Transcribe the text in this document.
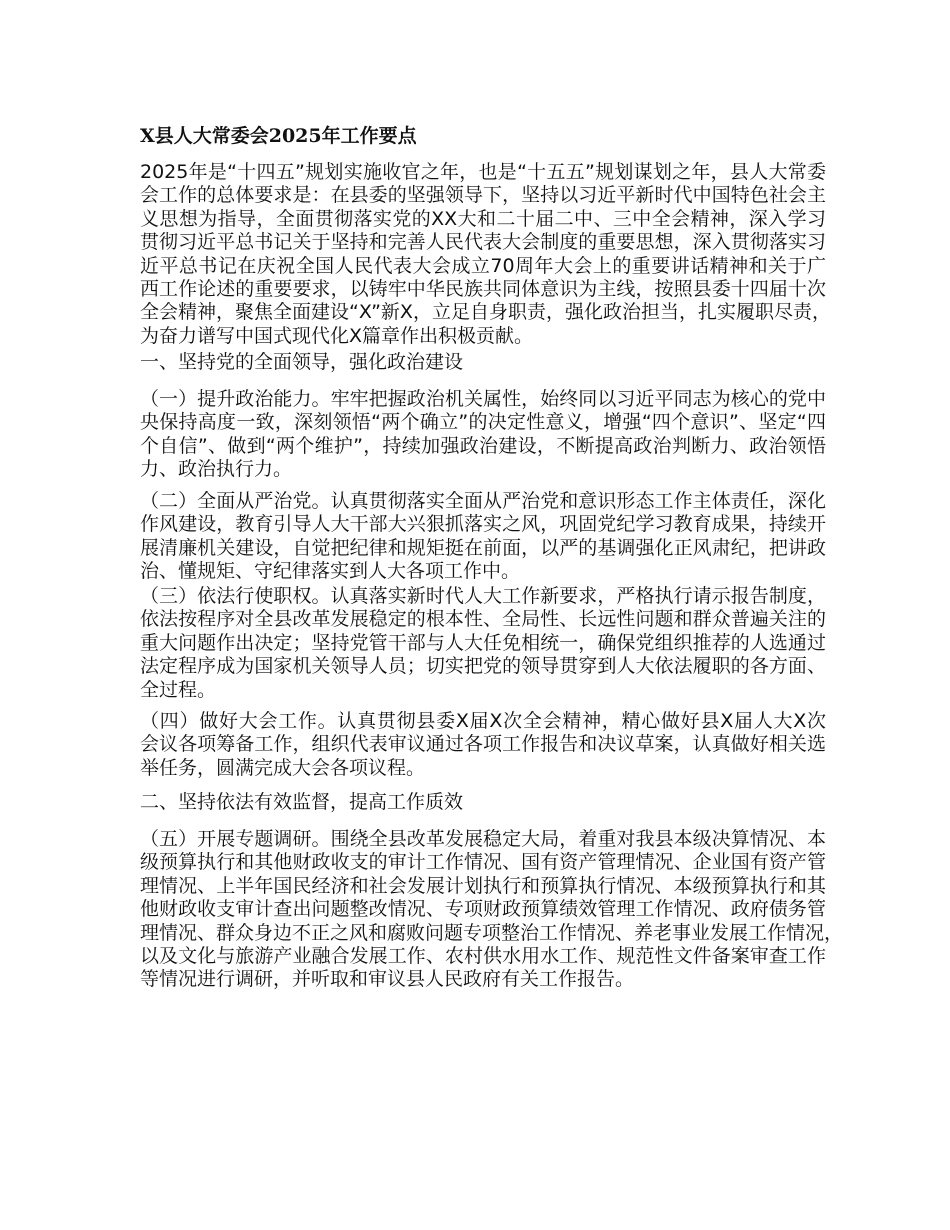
X县人大常委会2025年工作要点
2025年是“十四五”规划实施收官之年，也是“十五五”规划谋划之年，县人大常委
会工作的总体要求是：在县委的坚强领导下，坚持以习近平新时代中国特色社会主
义思想为指导，全面贯彻落实党的XX大和二十届二中、三中全会精神，深入学习
贯彻习近平总书记关于坚持和完善人民代表大会制度的重要思想，深入贯彻落实习
近平总书记在庆祝全国人民代表大会成立70周年大会上的重要讲话精神和关于广
西工作论述的重要要求，以铸牢中华民族共同体意识为主线，按照县委十四届十次
全会精神，聚焦全面建设“X”新X，立足自身职责，强化政治担当，扎实履职尽责，
为奋力谱写中国式现代化X篇章作出积极贡献。
一、坚持党的全面领导，强化政治建设
（一）提升政治能力。牢牢把握政治机关属性，始终同以习近平同志为核心的党中
央保持高度一致，深刻领悟“两个确立”的决定性意义，增强“四个意识”、坚定“四
个自信”、做到“两个维护”，持续加强政治建设，不断提高政治判断力、政治领悟
力、政治执行力。
（二）全面从严治党。认真贯彻落实全面从严治党和意识形态工作主体责任，深化
作风建设，教育引导人大干部大兴狠抓落实之风，巩固党纪学习教育成果，持续开
展清廉机关建设，自觉把纪律和规矩挺在前面，以严的基调强化正风肃纪，把讲政
治、懂规矩、守纪律落实到人大各项工作中。
（三）依法行使职权。认真落实新时代人大工作新要求，严格执行请示报告制度，
依法按程序对全县改革发展稳定的根本性、全局性、长远性问题和群众普遍关注的
重大问题作出决定；坚持党管干部与人大任免相统一，确保党组织推荐的人选通过
法定程序成为国家机关领导人员；切实把党的领导贯穿到人大依法履职的各方面、
全过程。
（四）做好大会工作。认真贯彻县委X届X次全会精神，精心做好县X届人大X次
会议各项筹备工作，组织代表审议通过各项工作报告和决议草案，认真做好相关选
举任务，圆满完成大会各项议程。
二、坚持依法有效监督，提高工作质效
（五）开展专题调研。围绕全县改革发展稳定大局，着重对我县本级决算情况、本
级预算执行和其他财政收支的审计工作情况、国有资产管理情况、企业国有资产管
理情况、上半年国民经济和社会发展计划执行和预算执行情况、本级预算执行和其
他财政收支审计查出问题整改情况、专项财政预算绩效管理工作情况、政府债务管
理情况、群众身边不正之风和腐败问题专项整治工作情况、养老事业发展工作情况，
以及文化与旅游产业融合发展工作、农村供水用水工作、规范性文件备案审查工作
等情况进行调研，并听取和审议县人民政府有关工作报告。
